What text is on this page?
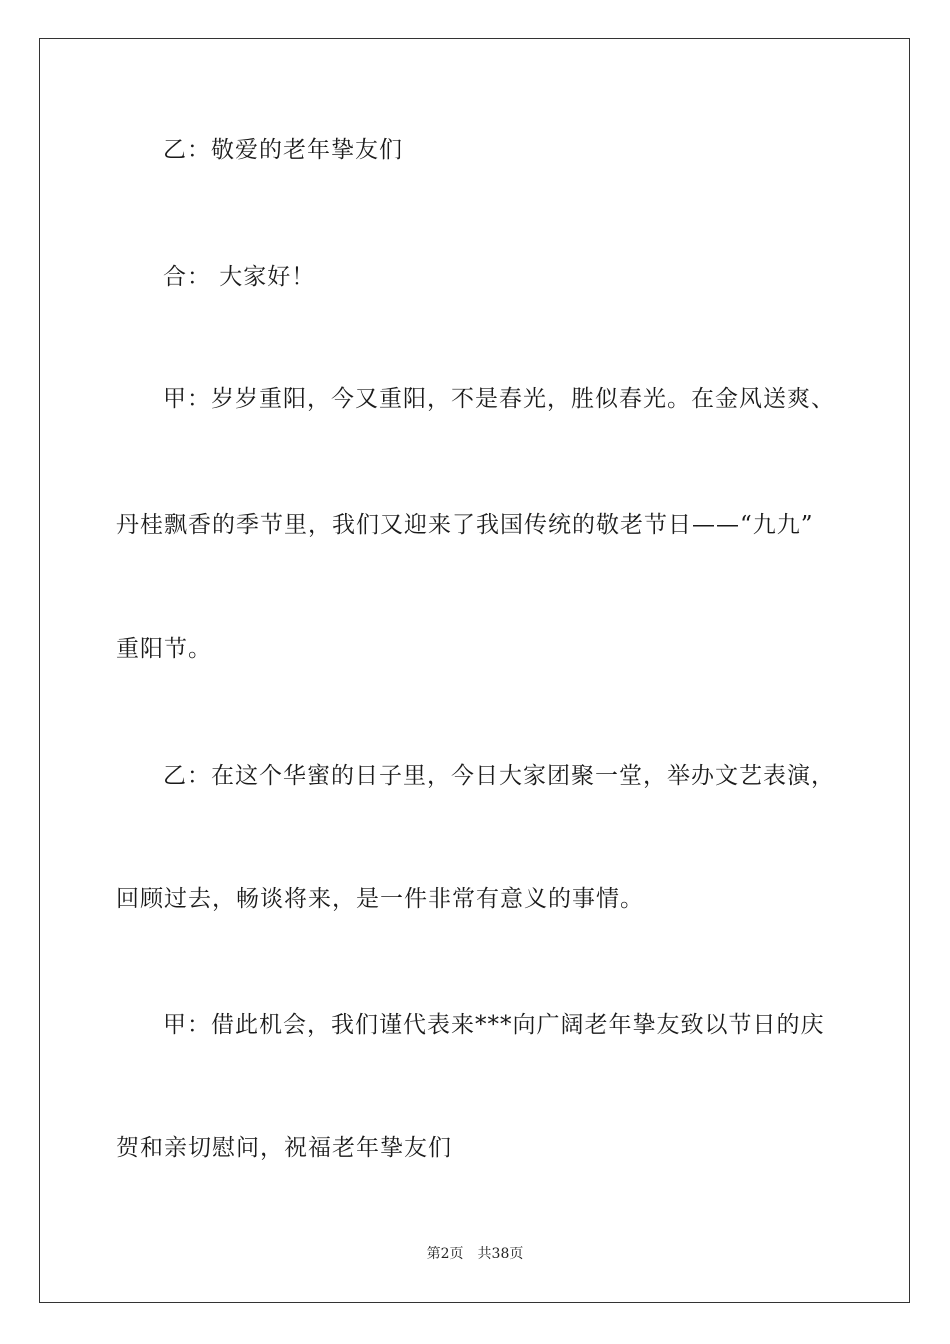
乙：敬爱的老年挚友们
合： 大家好！
甲：岁岁重阳，今又重阳，不是春光，胜似春光。在金风送爽、
丹桂飘香的季节里，我们又迎来了我国传统的敬老节日——“九九”
重阳节。
乙：在这个华蜜的日子里，今日大家团聚一堂，举办文艺表演，
回顾过去，畅谈将来，是一件非常有意义的事情。
甲：借此机会，我们谨代表来***向广阔老年挚友致以节日的庆
贺和亲切慰问，祝福老年挚友们
第2页 共38页
